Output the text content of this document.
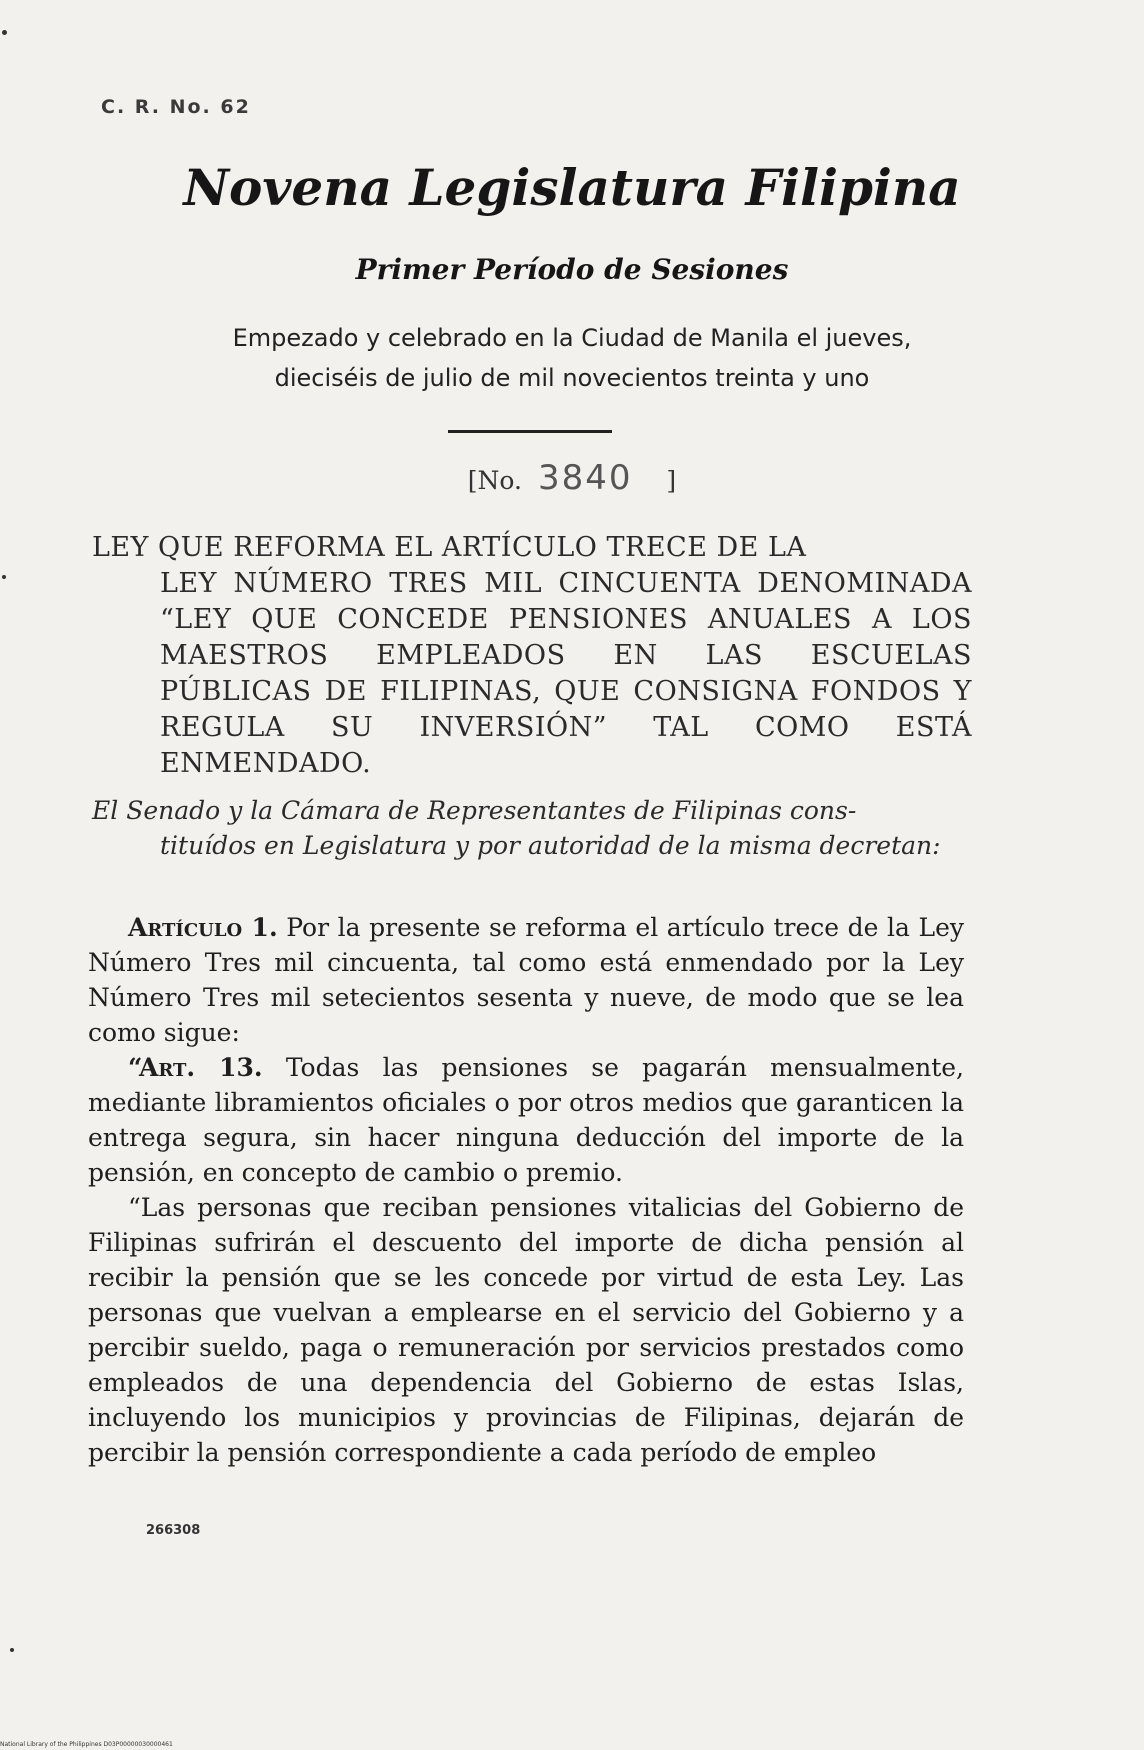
C. R. No. 62
Novena Legislatura Filipina
Primer Período de Sesiones
Empezado y celebrado en la Ciudad de Manila el jueves,
dieciséis de julio de mil novecientos treinta y uno
[No. 3840 ]
LEY QUE REFORMA EL ARTÍCULO TRECE DE LA
LEY NÚMERO TRES MIL CINCUENTA DENOMINADA “LEY QUE CONCEDE PENSIONES ANUALES A LOS MAESTROS EMPLEADOS EN LAS ESCUELAS PÚBLICAS DE FILIPINAS, QUE CONSIGNA FONDOS Y REGULA SU INVERSIÓN” TAL COMO ESTÁ ENMENDADO.
El Senado y la Cámara de Representantes de Filipinas cons-
tituídos en Legislatura y por autoridad de la misma decretan:

Artículo 1. Por la presente se reforma el artículo trece de la Ley Número Tres mil cincuenta, tal como está enmendado por la Ley Número Tres mil setecientos sesenta y nueve, de modo que se lea como sigue:

“Art. 13. Todas las pensiones se pagarán mensualmente, mediante libramientos oficiales o por otros medios que garanticen la entrega segura, sin hacer ninguna deducción del importe de la pensión, en concepto de cambio o premio.

“Las personas que reciban pensiones vitalicias del Gobierno de Filipinas sufrirán el descuento del importe de dicha pensión al recibir la pensión que se les concede por virtud de esta Ley. Las personas que vuelvan a emplearse en el servicio del Gobierno y a percibir sueldo, paga o remuneración por servicios prestados como empleados de una dependencia del Gobierno de estas Islas, incluyendo los municipios y provincias de Filipinas, dejarán de percibir la pensión correspondiente a cada período de empleo

266308
National Library of the Philippines D03P00000030000461
